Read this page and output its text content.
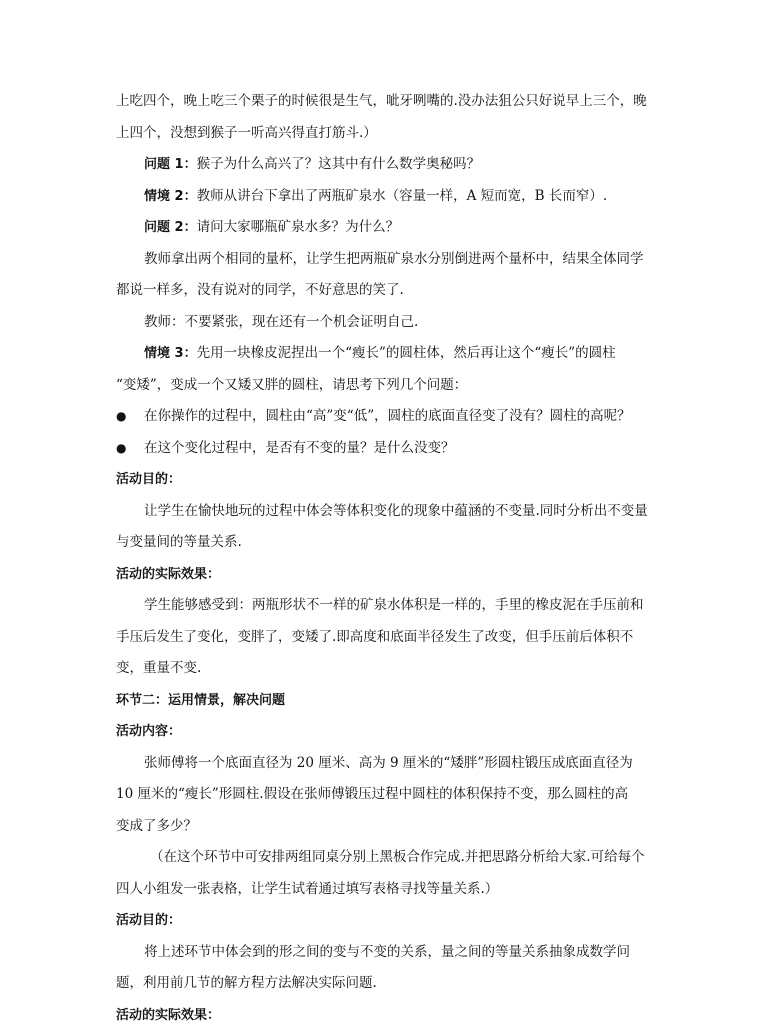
上吃四个，晚上吃三个栗子的时候很是生气，呲牙咧嘴的.没办法狙公只好说早上三个，晚

上四个，没想到猴子一听高兴得直打筋斗.）

问题 1：猴子为什么高兴了？这其中有什么数学奥秘吗？

情境 2：教师从讲台下拿出了两瓶矿泉水（容量一样，A 短而宽，B 长而窄）.

问题 2：请问大家哪瓶矿泉水多？为什么？

教师拿出两个相同的量杯，让学生把两瓶矿泉水分别倒进两个量杯中，结果全体同学

都说一样多，没有说对的同学，不好意思的笑了.

教师：不要紧张，现在还有一个机会证明自己.

情境 3：先用一块橡皮泥捏出一个“瘦长”的圆柱体，然后再让这个“瘦长”的圆柱

“变矮”，变成一个又矮又胖的圆柱，请思考下列几个问题：

●	在你操作的过程中，圆柱由“高”变“低”，圆柱的底面直径变了没有？圆柱的高呢？
●	在这个变化过程中，是否有不变的量？是什么没变？

活动目的：

让学生在愉快地玩的过程中体会等体积变化的现象中蕴涵的不变量.同时分析出不变量

与变量间的等量关系.

活动的实际效果：

学生能够感受到：两瓶形状不一样的矿泉水体积是一样的，手里的橡皮泥在手压前和

手压后发生了变化，变胖了，变矮了.即高度和底面半径发生了改变，但手压前后体积不

变，重量不变.

环节二：运用情景，解决问题

活动内容：

张师傅将一个底面直径为 20 厘米、高为 9 厘米的“矮胖”形圆柱锻压成底面直径为

10 厘米的“瘦长”形圆柱.假设在张师傅锻压过程中圆柱的体积保持不变，那么圆柱的高

变成了多少？

（在这个环节中可安排两组同桌分别上黑板合作完成.并把思路分析给大家.可给每个

四人小组发一张表格，让学生试着通过填写表格寻找等量关系.）

活动目的：

将上述环节中体会到的形之间的变与不变的关系，量之间的等量关系抽象成数学问

题，利用前几节的解方程方法解决实际问题.

活动的实际效果：
